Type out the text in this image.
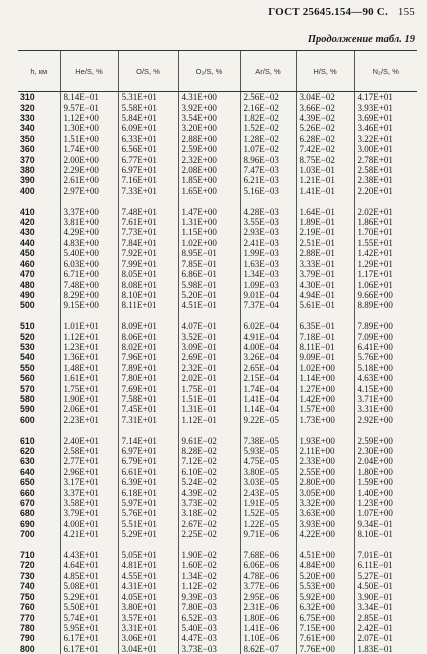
ГОСТ 25645.154—90 С. 155
Продолжение табл. 19
h, км	He/S, %	O/S, %	O₂/S, %	Ar/S, %	H/S, %	N₂/S, %
310	8.14E−01	5.31E+01	4.31E+00	2.56E−02	3.04E−02	4.17E+01
320	9.57E−01	5.58E+01	3.92E+00	2.16E−02	3.66E−02	3.93E+01
330	1.12E+00	5.84E+01	3.54E+00	1.82E−02	4.39E−02	3.69E+01
340	1.30E+00	6.09E+01	3.20E+00	1.52E−02	5.26E−02	3.46E+01
350	1.51E+00	6.33E+01	2.88E+00	1.28E−02	6.28E−02	3.22E+01
360	1.74E+00	6.56E+01	2.59E+00	1.07E−02	7.42E−02	3.00E+01
370	2.00E+00	6.77E+01	2.32E+00	8.96E−03	8.75E−02	2.78E+01
380	2.29E+00	6.97E+01	2.08E+00	7.47E−03	1.03E−01	2.58E+01
390	2.61E+00	7.16E+01	1.85E+00	6.21E−03	1.21E−01	2.38E+01
400	2.97E+00	7.33E+01	1.65E+00	5.16E−03	1.41E−01	2.20E+01

410	3.37E+00	7.48E+01	1.47E+00	4.28E−03	1.64E−01	2.02E+01
420	3.81E+00	7.61E+01	1.31E+00	3.55E−03	1.89E−01	1.86E+01
430	4.29E+00	7.73E+01	1.15E+00	2.93E−03	2.19E−01	1.70E+01
440	4.83E+00	7.84E+01	1.02E+00	2.41E−03	2.51E−01	1.55E+01
450	5.40E+00	7.92E+01	8.95E−01	1.99E−03	2.88E−01	1.42E+01
460	6.03E+00	7.99E+01	7.85E−01	1.63E−03	3.33E−01	1.29E+01
470	6.71E+00	8.05E+01	6.86E−01	1.34E−03	3.79E−01	1.17E+01
480	7.48E+00	8.08E+01	5.98E−01	1.09E−03	4.30E−01	1.06E+01
490	8.29E+00	8.10E+01	5.20E−01	9.01E−04	4.94E−01	9.66E+00
500	9.15E+00	8.11E+01	4.51E−01	7.37E−04	5.61E−01	8.89E+00

510	1.01E+01	8.09E+01	4.07E−01	6.02E−04	6.35E−01	7.89E+00
520	1.12E+01	8.06E+01	3.52E−01	4.91E−04	7.18E−01	7.09E+00
530	1.23E+01	8.02E+01	3.09E−01	4.00E−04	8.11E−01	6.41E+00
540	1.36E+01	7.96E+01	2.69E−01	3.26E−04	9.09E−01	5.76E+00
550	1.48E+01	7.89E+01	2.32E−01	2.65E−04	1.02E+00	5.18E+00
560	1.61E+01	7.80E+01	2.02E−01	2.15E−04	1.14E+00	4.63E+00
570	1.75E+01	7.69E+01	1.75E−01	1.74E−04	1.27E+00	4.15E+00
580	1.90E+01	7.58E+01	1.51E−01	1.41E−04	1.42E+00	3.71E+00
590	2.06E+01	7.45E+01	1.31E−01	1.14E−04	1.57E+00	3.31E+00
600	2.23E+01	7.31E+01	1.12E−01	9.22E−05	1.73E+00	2.92E+00

610	2.40E+01	7.14E+01	9.61E−02	7.38E−05	1.93E+00	2.59E+00
620	2.58E+01	6.97E+01	8.28E−02	5.93E−05	2.11E+00	2.30E+00
630	2.77E+01	6.79E+01	7.12E−02	4.75E−05	2.33E+00	2.04E+00
640	2.96E+01	6.61E+01	6.10E−02	3.80E−05	2.55E+00	1.80E+00
650	3.17E+01	6.39E+01	5.24E−02	3.03E−05	2.80E+00	1.59E+00
660	3.37E+01	6.18E+01	4.39E−02	2.43E−05	3.05E+00	1.40E+00
670	3.58E+01	5.97E+01	3.73E−02	1.91E−05	3.32E+00	1.23E+00
680	3.79E+01	5.76E+01	3.18E−02	1.52E−05	3.63E+00	1.07E+00
690	4.00E+01	5.51E+01	2.67E−02	1.22E−05	3.93E+00	9.34E−01
700	4.21E+01	5.29E+01	2.25E−02	9.71E−06	4.22E+00	8.10E−01

710	4.43E+01	5.05E+01	1.90E−02	7.68E−06	4.51E+00	7.01E−01
720	4.64E+01	4.81E+01	1.60E−02	6.06E−06	4.84E+00	6.11E−01
730	4.85E+01	4.55E+01	1.34E−02	4.78E−06	5.20E+00	5.27E−01
740	5.08E+01	4.31E+01	1.12E−02	3.77E−06	5.53E+00	4.50E−01
750	5.29E+01	4.05E+01	9.39E−03	2.95E−06	5.92E+00	3.90E−01
760	5.50E+01	3.80E+01	7.80E−03	2.31E−06	6.32E+00	3.34E−01
770	5.74E+01	3.57E+01	6.52E−03	1.80E−06	6.75E+00	2.85E−01
780	5.95E+01	3.31E+01	5.40E−03	1.41E−06	7.15E+00	2.42E−01
790	6.17E+01	3.06E+01	4.47E−03	1.10E−06	7.61E+00	2.07E−01
800	6.17E+01	3.04E+01	3.73E−03	8.62E−07	7.76E+00	1.83E−01
